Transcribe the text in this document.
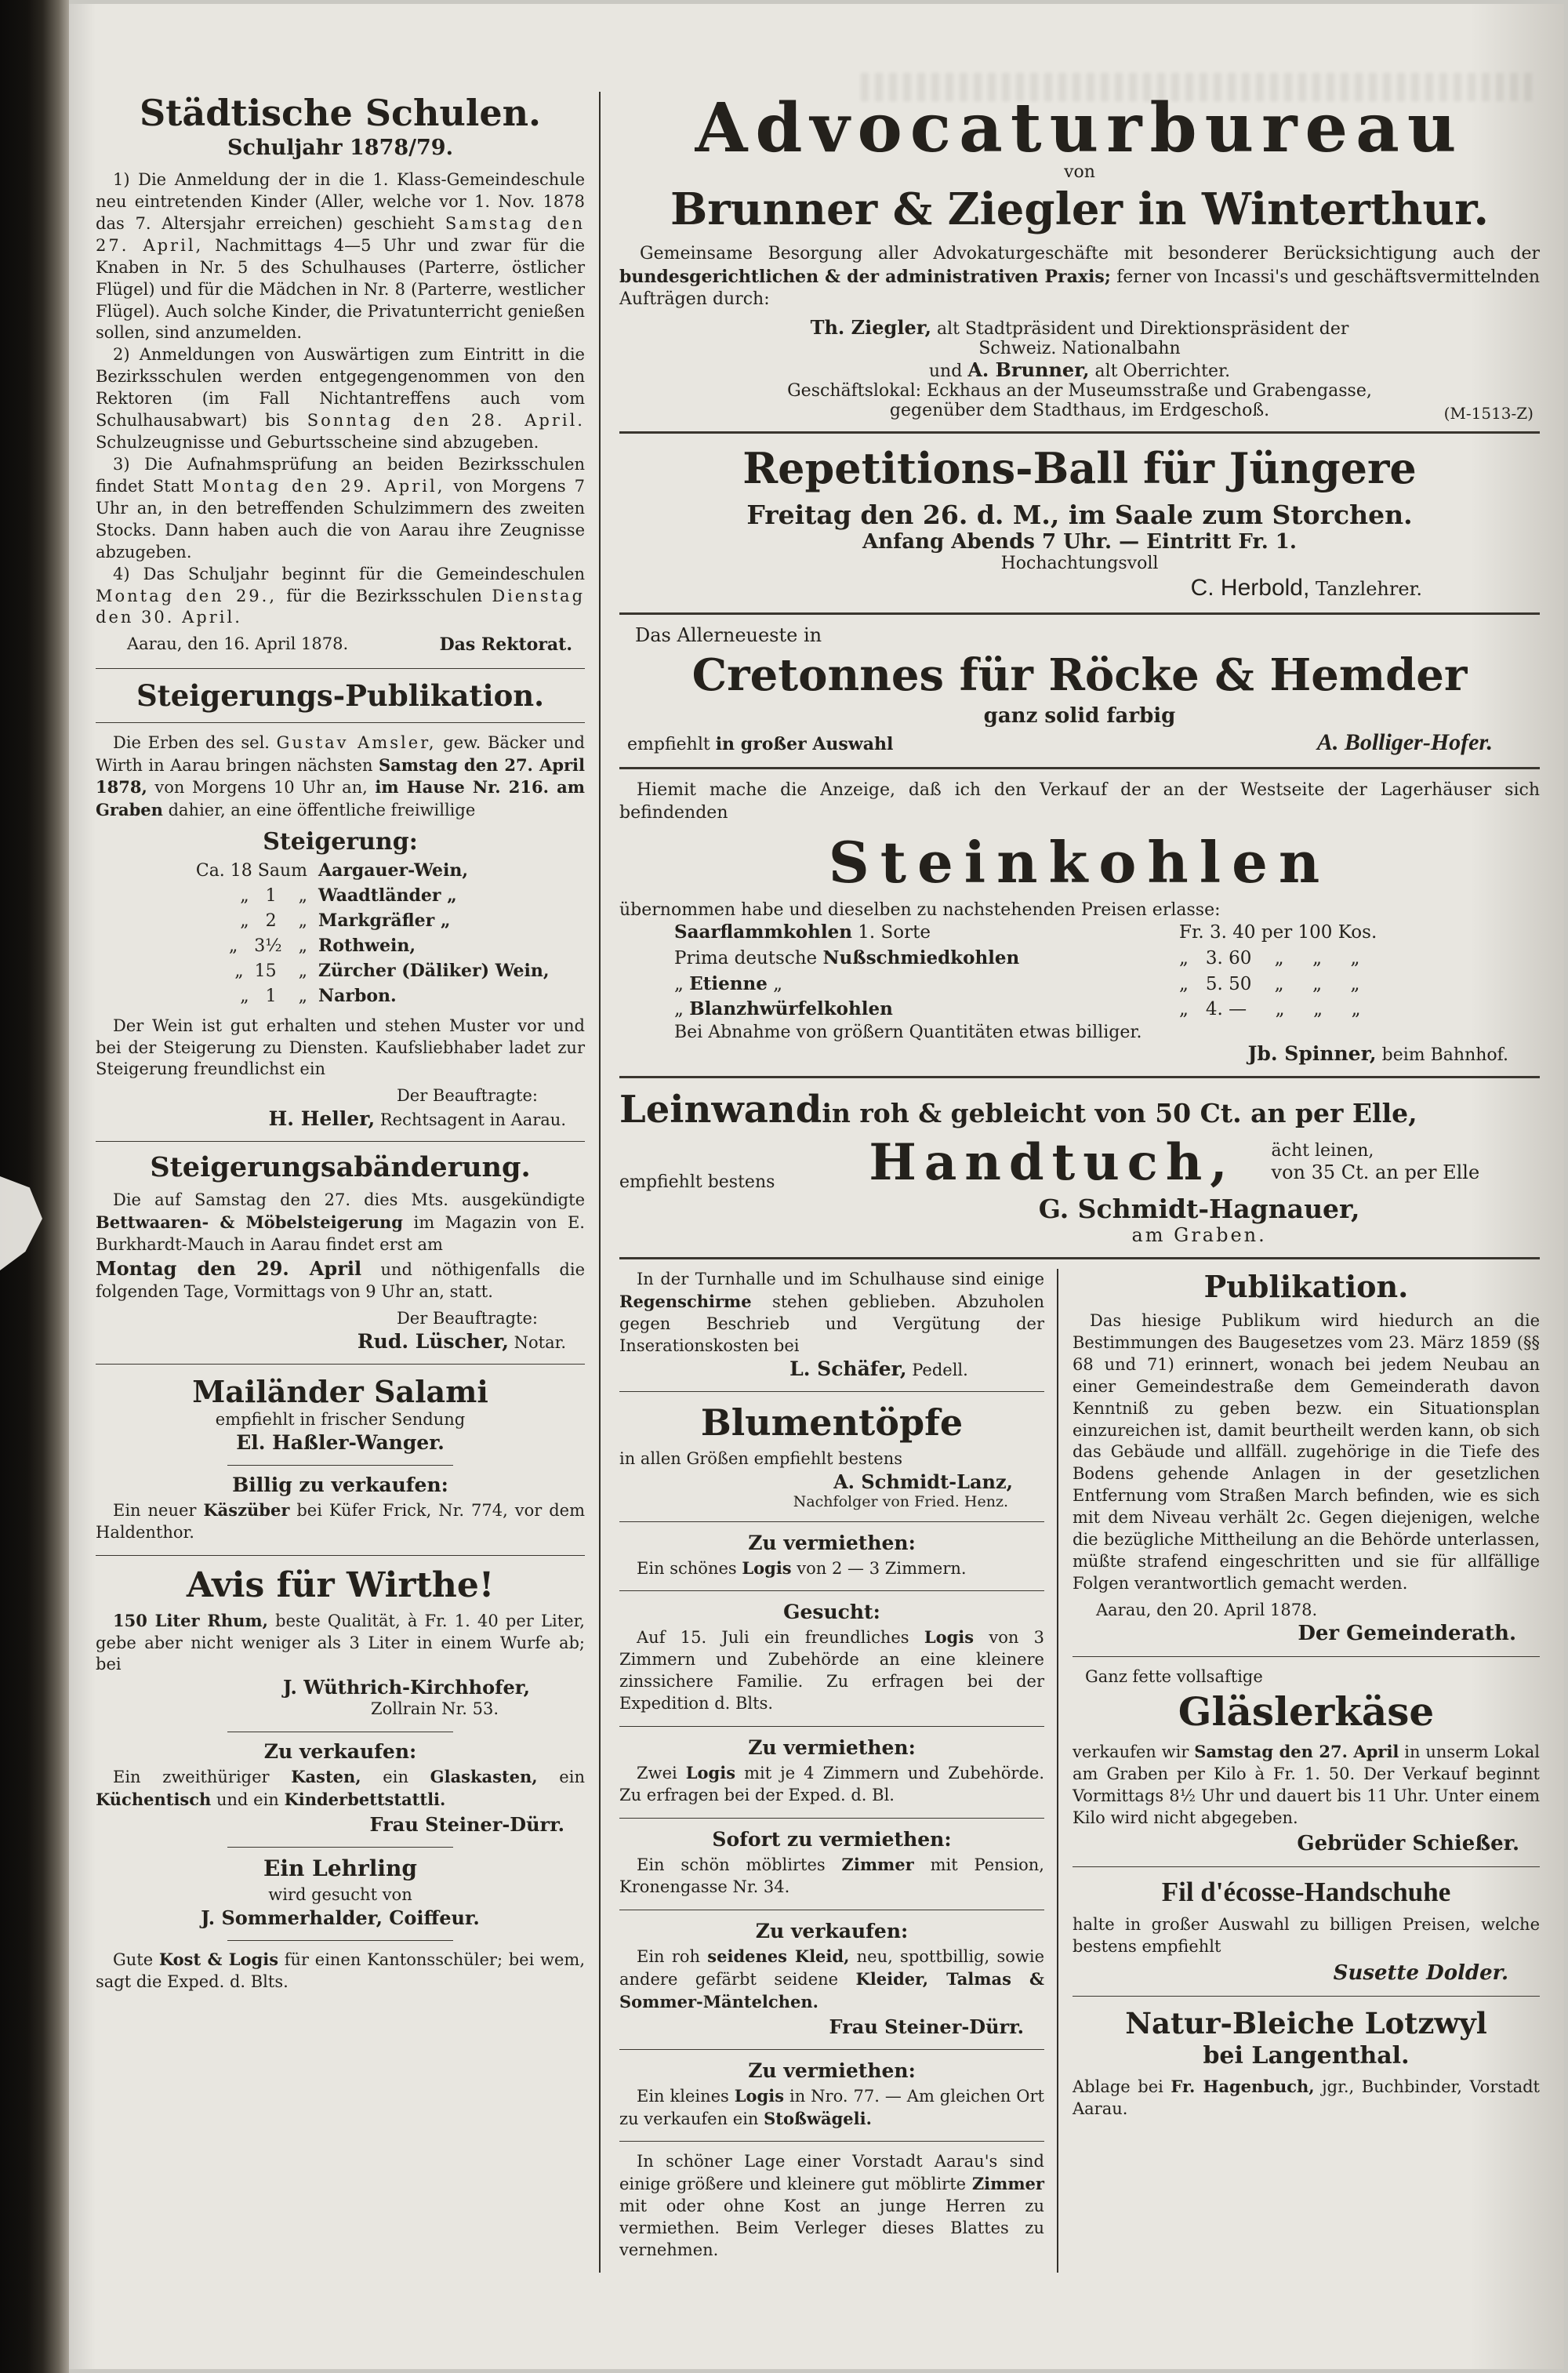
Städtische Schulen.
Schuljahr 1878/79.

1) Die Anmeldung der in die 1. Klass-Gemeindeschule neu eintretenden Kinder (Aller, welche vor 1. Nov. 1878 das 7. Altersjahr erreichen) geschieht Samstag den 27. April, Nachmittags 4—5 Uhr und zwar für die Knaben in Nr. 5 des Schulhauses (Parterre, östlicher Flügel) und für die Mädchen in Nr. 8 (Parterre, westlicher Flügel). Auch solche Kinder, die Privatunterricht genießen sollen, sind anzumelden.

2) Anmeldungen von Auswärtigen zum Eintritt in die Bezirksschulen werden entgegengenommen von den Rektoren (im Fall Nichtantreffens auch vom Schulhausabwart) bis Sonntag den 28. April. Schulzeugnisse und Geburtsscheine sind abzugeben.

3) Die Aufnahmsprüfung an beiden Bezirksschulen findet Statt Montag den 29. April, von Morgens 7 Uhr an, in den betreffenden Schulzimmern des zweiten Stocks. Dann haben auch die von Aarau ihre Zeugnisse abzugeben.

4) Das Schuljahr beginnt für die Gemeindeschulen Montag den 29., für die Bezirksschulen Dienstag den 30. April.

Aarau, den 16. April 1878.	Das Rektorat.
Steigerungs-Publikation.

Die Erben des sel. Gustav Amsler, gew. Bäcker und Wirth in Aarau bringen nächsten Samstag den 27. April 1878, von Morgens 10 Uhr an, im Hause Nr. 216. am Graben dahier, an eine öffentliche freiwillige

Steigerung:
Ca. 18 Saum Aargauer-Wein,
„   1    „ Waadtländer „
„   2    „ Markgräfler „
„   3½   „ Rothwein,
„  15    „ Zürcher (Däliker) Wein,
„   1    „ Narbon.

Der Wein ist gut erhalten und stehen Muster vor und bei der Steigerung zu Diensten. Kaufsliebhaber ladet zur Steigerung freundlichst ein

Der Beauftragte:
H. Heller, Rechtsagent in Aarau.
Steigerungsabänderung.

Die auf Samstag den 27. dies Mts. ausgekündigte Bettwaaren- & Möbelsteigerung im Magazin von E. Burkhardt-Mauch in Aarau findet erst am

Montag den 29. April und nöthigenfalls die folgenden Tage, Vormittags von 9 Uhr an, statt.

Der Beauftragte:
Rud. Lüscher, Notar.
Mailänder Salami
empfiehlt in frischer Sendung
El. Haßler-Wanger.
Billig zu verkaufen:

Ein neuer Käszüber bei Küfer Frick, Nr. 774, vor dem Haldenthor.

Avis für Wirthe!

150 Liter Rhum, beste Qualität, à Fr. 1. 40 per Liter, gebe aber nicht weniger als 3 Liter in einem Wurfe ab; bei

J. Wüthrich-Kirchhofer,
Zollrain Nr. 53.
Zu verkaufen:

Ein zweithüriger Kasten, ein Glaskasten, ein Küchentisch und ein Kinderbettstattli.

Frau Steiner-Dürr.
Ein Lehrling
wird gesucht von
J. Sommerhalder, Coiffeur.

Gute Kost & Logis für einen Kantonsschüler; bei wem, sagt die Exped. d. Blts.

Advocaturbureau
von
Brunner & Ziegler in Winterthur.

Gemeinsame Besorgung aller Advokaturgeschäfte mit besonderer Berücksichtigung auch der bundesgerichtlichen & der administrativen Praxis; ferner von Incassi's und geschäftsvermittelnden Aufträgen durch:

Th. Ziegler, alt Stadtpräsident und Direktionspräsident der
Schweiz. Nationalbahn
und A. Brunner, alt Oberrichter.
Geschäftslokal: Eckhaus an der Museumsstraße und Grabengasse,
gegenüber dem Stadthaus, im Erdgeschoß.	(M-1513-Z)
Repetitions-Ball für Jüngere
Freitag den 26. d. M., im Saale zum Storchen.
Anfang Abends 7 Uhr. — Eintritt Fr. 1.
Hochachtungsvoll
C. Herbold, Tanzlehrer.
Das Allerneueste in
Cretonnes für Röcke & Hemder
ganz solid farbig
empfiehlt in großer Auswahl	A. Bolliger-Hofer.

Hiemit mache die Anzeige, daß ich den Verkauf der an der Westseite der Lagerhäuser sich befindenden

Steinkohlen
übernommen habe und dieselben zu nachstehenden Preisen erlasse:
Saarflammkohlen 1. Sorte	Fr. 3. 40 per 100 Kos.
Prima deutsche Nußschmiedkohlen	„   3. 60    „     „     „
„ Etienne „	„   5. 50    „     „     „
„ Blanzhwürfelkohlen	„   4. —     „     „     „
Bei Abnahme von größern Quantitäten etwas billiger.
Jb. Spinner, beim Bahnhof.
Leinwand in roh & gebleicht von 50 Ct. an per Elle,
empfiehlt bestens Handtuch, ächt leinen,
von 35 Ct. an per Elle
G. Schmidt-Hagnauer,
am Graben.

In der Turnhalle und im Schulhause sind einige Regenschirme stehen geblieben. Abzuholen gegen Beschrieb und Vergütung der Inserationskosten bei

L. Schäfer, Pedell.
Blumentöpfe
in allen Größen empfiehlt bestens
A. Schmidt-Lanz,
Nachfolger von Fried. Henz.
Zu vermiethen:

Ein schönes Logis von 2 — 3 Zimmern.

Gesucht:

Auf 15. Juli ein freundliches Logis von 3 Zimmern und Zubehörde an eine kleinere zinssichere Familie. Zu erfragen bei der Expedition d. Blts.

Zu vermiethen:

Zwei Logis mit je 4 Zimmern und Zubehörde. Zu erfragen bei der Exped. d. Bl.

Sofort zu vermiethen:

Ein schön möblirtes Zimmer mit Pension, Kronengasse Nr. 34.

Zu verkaufen:

Ein roh seidenes Kleid, neu, spottbillig, sowie andere gefärbt seidene Kleider, Talmas & Sommer-Mäntelchen.

Frau Steiner-Dürr.
Zu vermiethen:

Ein kleines Logis in Nro. 77. — Am gleichen Ort zu verkaufen ein Stoßwägeli.

In schöner Lage einer Vorstadt Aarau's sind einige größere und kleinere gut möblirte Zimmer mit oder ohne Kost an junge Herren zu vermiethen. Beim Verleger dieses Blattes zu vernehmen.

Publikation.

Das hiesige Publikum wird hiedurch an die Bestimmungen des Baugesetzes vom 23. März 1859 (§§ 68 und 71) erinnert, wonach bei jedem Neubau an einer Gemeindestraße dem Gemeinderath davon Kenntniß zu geben bezw. ein Situationsplan einzureichen ist, damit beurtheilt werden kann, ob sich das Gebäude und allfäll. zugehörige in die Tiefe des Bodens gehende Anlagen in der gesetzlichen Entfernung vom Straßen March befinden, wie es sich mit dem Niveau verhält 2c. Gegen diejenigen, welche die bezügliche Mittheilung an die Behörde unterlassen, müßte strafend eingeschritten und sie für allfällige Folgen verantwortlich gemacht werden.

Aarau, den 20. April 1878.
Der Gemeinderath.
Ganz fette vollsaftige
Gläslerkäse

verkaufen wir Samstag den 27. April in unserm Lokal am Graben per Kilo à Fr. 1. 50. Der Verkauf beginnt Vormittags 8½ Uhr und dauert bis 11 Uhr. Unter einem Kilo wird nicht abgegeben.

Gebrüder Schießer.
Fil d'écosse-Handschuhe

halte in großer Auswahl zu billigen Preisen, welche bestens empfiehlt

Susette Dolder.
Natur-Bleiche Lotzwyl
bei Langenthal.

Ablage bei Fr. Hagenbuch, jgr., Buchbinder, Vorstadt Aarau.
